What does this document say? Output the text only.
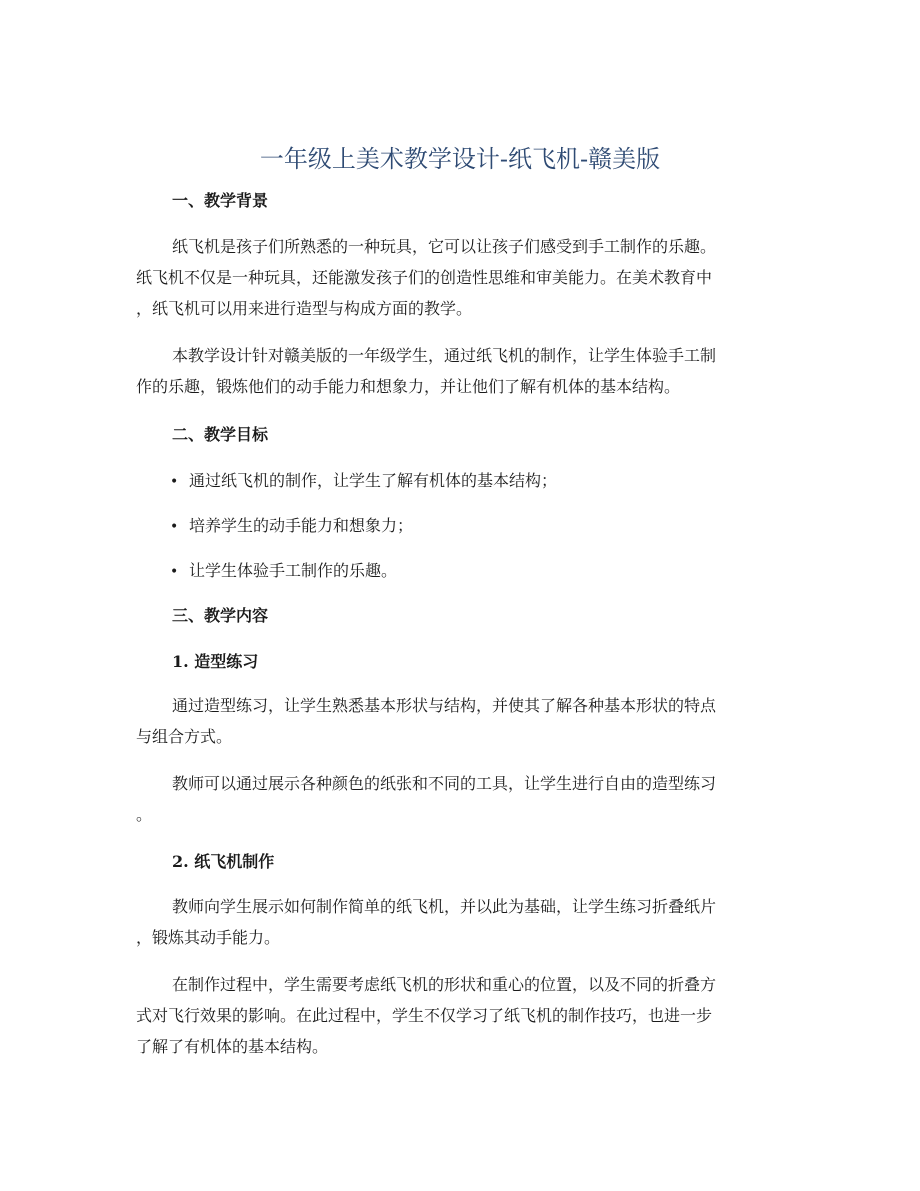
一年级上美术教学设计-纸飞机-赣美版
一、教学背景
纸飞机是孩子们所熟悉的一种玩具，它可以让孩子们感受到手工制作的乐趣。
纸飞机不仅是一种玩具，还能激发孩子们的创造性思维和审美能力。在美术教育中
，纸飞机可以用来进行造型与构成方面的教学。
本教学设计针对赣美版的一年级学生，通过纸飞机的制作，让学生体验手工制
作的乐趣，锻炼他们的动手能力和想象力，并让他们了解有机体的基本结构。
二、教学目标
• 通过纸飞机的制作，让学生了解有机体的基本结构；
• 培养学生的动手能力和想象力；
• 让学生体验手工制作的乐趣。
三、教学内容
1. 造型练习
通过造型练习，让学生熟悉基本形状与结构，并使其了解各种基本形状的特点
与组合方式。
教师可以通过展示各种颜色的纸张和不同的工具，让学生进行自由的造型练习
。
2. 纸飞机制作
教师向学生展示如何制作简单的纸飞机，并以此为基础，让学生练习折叠纸片
，锻炼其动手能力。
在制作过程中，学生需要考虑纸飞机的形状和重心的位置，以及不同的折叠方
式对飞行效果的影响。在此过程中，学生不仅学习了纸飞机的制作技巧，也进一步
了解了有机体的基本结构。
